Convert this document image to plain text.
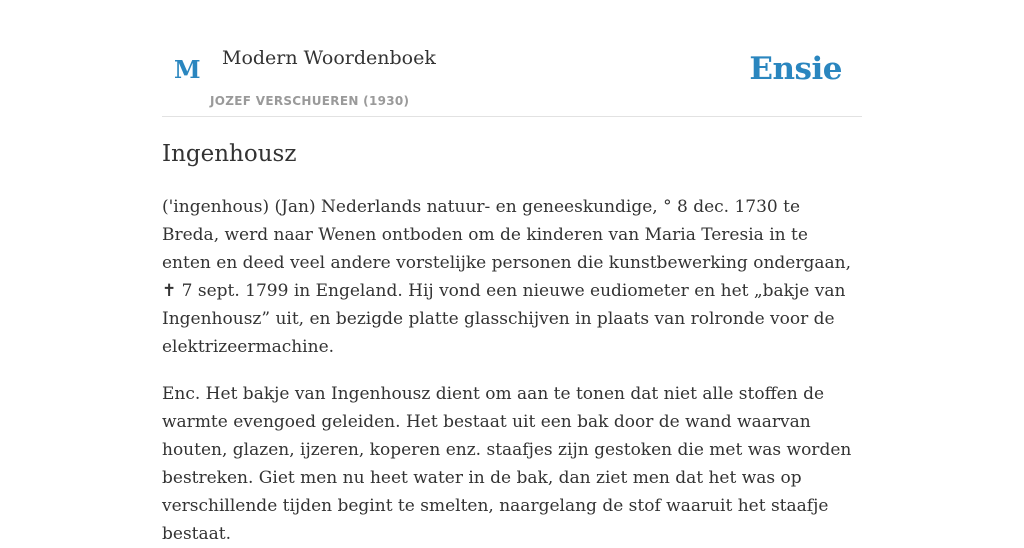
M Modern Woordenboek
JOZEF VERSCHUEREN (1930)
Ensie
Ingenhousz

('ingenhous) (Jan) Nederlands natuur- en geneeskundige, ° 8 dec. 1730 te Breda, werd naar Wenen ontboden om de kinderen van Maria Teresia in te enten en deed veel andere vorstelijke personen die kunstbewerking ondergaan, ✝ 7 sept. 1799 in Engeland. Hij vond een nieuwe eudiometer en het „bakje van Ingenhousz” uit, en bezigde platte glasschijven in plaats van rolronde voor de elektrizeermachine.

Enc. Het bakje van Ingenhousz dient om aan te tonen dat niet alle stoffen de warmte evengoed geleiden. Het bestaat uit een bak door de wand waarvan houten, glazen, ijzeren, koperen enz. staafjes zijn gestoken die met was worden bestreken. Giet men nu heet water in de bak, dan ziet men dat het was op verschillende tijden begint te smelten, naargelang de stof waaruit het staafje bestaat.
